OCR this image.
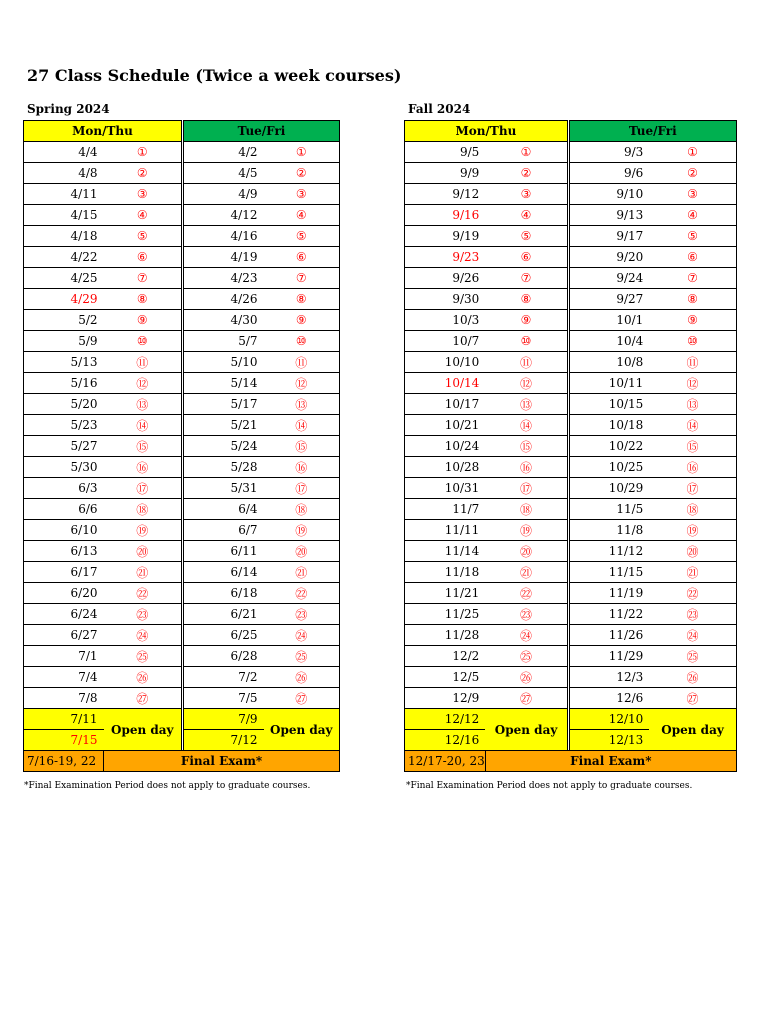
27 Class Schedule (Twice a week courses)
Spring 2024
Mon/Thu			Tue/Fri	
4/4	①		4/2	①
4/8	②		4/5	②
4/11	③		4/9	③
4/15	④		4/12	④
4/18	⑤		4/16	⑤
4/22	⑥		4/19	⑥
4/25	⑦		4/23	⑦
4/29	⑧		4/26	⑧
5/2	⑨		4/30	⑨
5/9	⑩		5/7	⑩
5/13	⑪		5/10	⑪
5/16	⑫		5/14	⑫
5/20	⑬		5/17	⑬
5/23	⑭		5/21	⑭
5/27	⑮		5/24	⑮
5/30	⑯		5/28	⑯
6/3	⑰		5/31	⑰
6/6	⑱		6/4	⑱
6/10	⑲		6/7	⑲
6/13	⑳		6/11	⑳
6/17	㉑		6/14	㉑
6/20	㉒		6/18	㉒
6/24	㉓		6/21	㉓
6/27	㉔		6/25	㉔
7/1	㉕		6/28	㉕
7/4	㉖		7/2	㉖
7/8	㉗		7/5	㉗
7/11	Open day		7/9	Open day
7/15			7/12	
7/16-19, 22	Final Exam*			
*Final Examination Period does not apply to graduate courses.
Fall 2024
Mon/Thu			Tue/Fri	
9/5	①		9/3	①
9/9	②		9/6	②
9/12	③		9/10	③
9/16	④		9/13	④
9/19	⑤		9/17	⑤
9/23	⑥		9/20	⑥
9/26	⑦		9/24	⑦
9/30	⑧		9/27	⑧
10/3	⑨		10/1	⑨
10/7	⑩		10/4	⑩
10/10	⑪		10/8	⑪
10/14	⑫		10/11	⑫
10/17	⑬		10/15	⑬
10/21	⑭		10/18	⑭
10/24	⑮		10/22	⑮
10/28	⑯		10/25	⑯
10/31	⑰		10/29	⑰
11/7	⑱		11/5	⑱
11/11	⑲		11/8	⑲
11/14	⑳		11/12	⑳
11/18	㉑		11/15	㉑
11/21	㉒		11/19	㉒
11/25	㉓		11/22	㉓
11/28	㉔		11/26	㉔
12/2	㉕		11/29	㉕
12/5	㉖		12/3	㉖
12/9	㉗		12/6	㉗
12/12	Open day		12/10	Open day
12/16			12/13	
12/17-20, 23	Final Exam*			
*Final Examination Period does not apply to graduate courses.
